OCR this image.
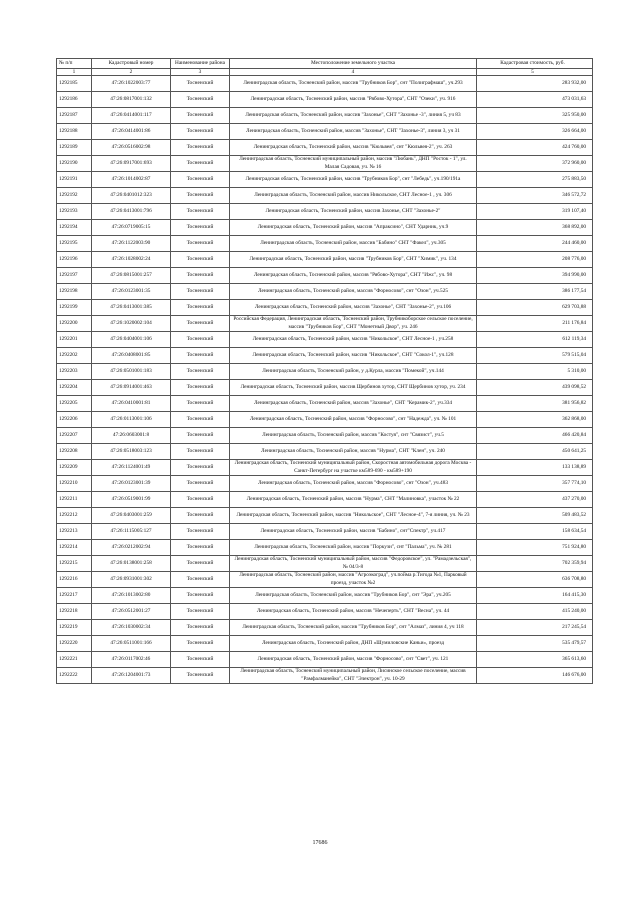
№ п/п	Кадастровый номер	Наименование района	Местоположение земельного участка	Кадастровая стоимость, руб.
1	2	3	4	5
1292185	47:26:1022003:77	Тосненский	Ленинградская область, Тосненский район, массив "Трубников Бор", снт "Полиграфмаш", уч.293	283 932,00
1292186	47:26:0817001:132	Тосненский	Ленинградская область, Тосненский район, массив "Рябово-Хутора", СНТ "Озеки", уч. 916	473 031,63
1292187	47:26:0414001:117	Тосненский	Ленинградская область, Тосненский район, массив "Захонье", СНТ "Захонье -3", линия 5, уч 83	325 950,00
1292188	47:26:0414001:86	Тосненский	Ленинградская область, Тосненский район, массив "Захонье", СНТ "Захонье-3", линия 3, уч 31	326 664,00
1292189	47:26:0516002:98	Тосненский	Ленинградская область, Тосненский район, массив "Кюльвея", снт "Кюльвея-2", уч. 263	424 760,00
1292190	47:26:0917001:693	Тосненский	Ленинградская область, Тосненский муниципальный район, массив "Любань", ДНП "Росток - 1", ул. Малая Садовая, уч. № 16	372 960,00
1292191	47:26:1014002:87	Тосненский	Ленинградская область, Тосненский район, массив "Трубников Бор", снт "Лебедь", уч.190/191а	275 883,50
1292192	47:26:0401012:323	Тосненский	Ленинградская область, Тосненский район, массив Никольское, СНТ Лесное-1 , уч. 306	346 572,72
1292193	47:26:0413001:796	Тосненский	Ленинградская область, Тосненский район, массив Захонье, СНТ "Захонье-2"	319 107,40
1292194	47:26:0719005:15	Тосненский	Ленинградская область, Тосненский район, массив "Апраксино", СНТ Ударник, уч.9	368 892,00
1292195	47:26:1122003:90	Тосненский	Ленинградская область, Тосненский район, массив "Бабино" СНТ "Факел", уч.305	244 460,00
1292196	47:26:1028002:24	Тосненский	Ленинградская область, Тосненский район, массив "Трубников Бор", СНТ "Химик", уч. 134	208 776,00
1292197	47:26:0815001:257	Тосненский	Ленинградская область, Тосненский район, массив "Рябово-Хутора", СНТ "Ижс", уч. 98	394 990,00
1292198	47:26:0123001:35	Тосненский	Ленинградская область, Тосненский район, массив "Форносово", снт "Озон", уч.525	386 177,54
1292199	47:26:0413001:385	Тосненский	Ленинградская область, Тосненский район, массив "Захонье", СНТ "Захонье-2", уч.106	629 703,88
1292200	47:26:1020002:104	Тосненский	Российская Федерация, Ленинградская область, Тосненский район, Трубникоборское сельское поселение, массив "Трубников Бор", СНТ "Монетный Двор", уч. 246	211 176,84
1292201	47:26:0404001:106	Тосненский	Ленинградская область, Тосненский район, массив "Никольское", СНТ Лесное-1 , уч.258	612 119,34
1292202	47:26:0408001:85	Тосненский	Ленинградская область, Тосненский район, массив "Никольское", СНТ "Сокол-1", уч.128	579 515,04
1292203	47:26:0501001:183	Тосненский	Ленинградская область, Тосненский район, у д.Курла, массив "Помекой", уч.144	5 310,00
1292204	47:26:0914001:463	Тосненский	Ленинградская область, Тосненский район, массив Щербинов хутор, СНТ Щербинов хутор, уч. 234	439 098,52
1292205	47:26:0410001:81	Тосненский	Ленинградская область, Тосненский район, массив "Захонье", СНТ "Керамик-2", уч.334	381 956,82
1292206	47:26:0113001:106	Тосненский	Ленинградская область, Тосненский район, массив "Форносово", снт "Надежда", уч. № 101	362 868,00
1292207	47:26:0603001:8	Тосненский	Ленинградская область, Тосненский район, массив "Костуя", снт "Связист", уч.5	466 420,84
1292208	47:26:0518003:123	Тосненский	Ленинградская область, Тосненский район, массив "Нурма", СНТ "Клен", уч. 240	450 641,25
1292209	47:26:1124001:49	Тосненский	Ленинградская область, Тосненский муниципальный район, Скоростная автомобильная дорога Москва - Санкт-Петербург на участке км589-690 - км589+190	133 138,89
1292210	47:26:0123001:39	Тосненский	Ленинградская область, Тосненский район, массив "Форносово", снт "Озон", уч.483	357 774,10
1292211	47:26:0519001:99	Тосненский	Ленинградская область, Тосненский район, массив "Нурма", СНТ "Малиновка", участок № 22	437 270,00
1292212	47:26:0403001:259	Тосненский	Ленинградская область, Тосненский район, массив "Никольское", СНТ "Лесное-4", 7-я линия, уч. № 23	509 483,52
1292213	47:26:1115005:127	Тосненский	Ленинградская область, Тосненский район, массив "Бабино", снт"Спектр", уч.417	158 634,54
1292214	47:26:0212002:94	Тосненский	Ленинградская область, Тосненский район, массив "Поркузи", снт "Пальма", уч. № 281	751 924,80
1292215	47:26:0138001:258	Тосненский	Ленинградская область, Тосненский муниципальный район, массив "Федоровское", ул. "Рамадзельская", № 04/3-8	702 359,94
1292216	47:26:0931001:302	Тосненский	Ленинградская область, Тосненский район, массив "Агроэкоград", уч.пойма р.Тигода №1, Парковый проезд, участок №2	636 708,80
1292217	47:26:1013002:80	Тосненский	Ленинградская область, Тосненский район, массив "Трубников Бор", снт "Эра", уч.205	164 415,30
1292218	47:26:0512001:27	Тосненский	Ленинградская область, Тосненский район, массив "Нечеперть", СНТ "Весна", уч. 44	415 240,00
1292219	47:26:1030002:34	Тосненский	Ленинградская область, Тосненский район, массив "Трубников Бор", снт "Алмаз", линия 4, уч 118	217 245,54
1292220	47:26:0511001:166	Тосненский	Ленинградская область, Тосненский район, ДНП «Шумиловские Каньи», проезд	535 479,57
1292221	47:26:0117002:46	Тосненский	Ленинградская область, Тосненский район, массив "Форносово", снт "Свет", уч. 121	365 613,60
1292222	47:26:1204001:73	Тосненский	Ленинградская область, Тосненский муниципальный район, Лисинское сельское поселение, массив "Рамфалманейко", СНТ "Электрон", уч. 10-29	146 676,00
17686
